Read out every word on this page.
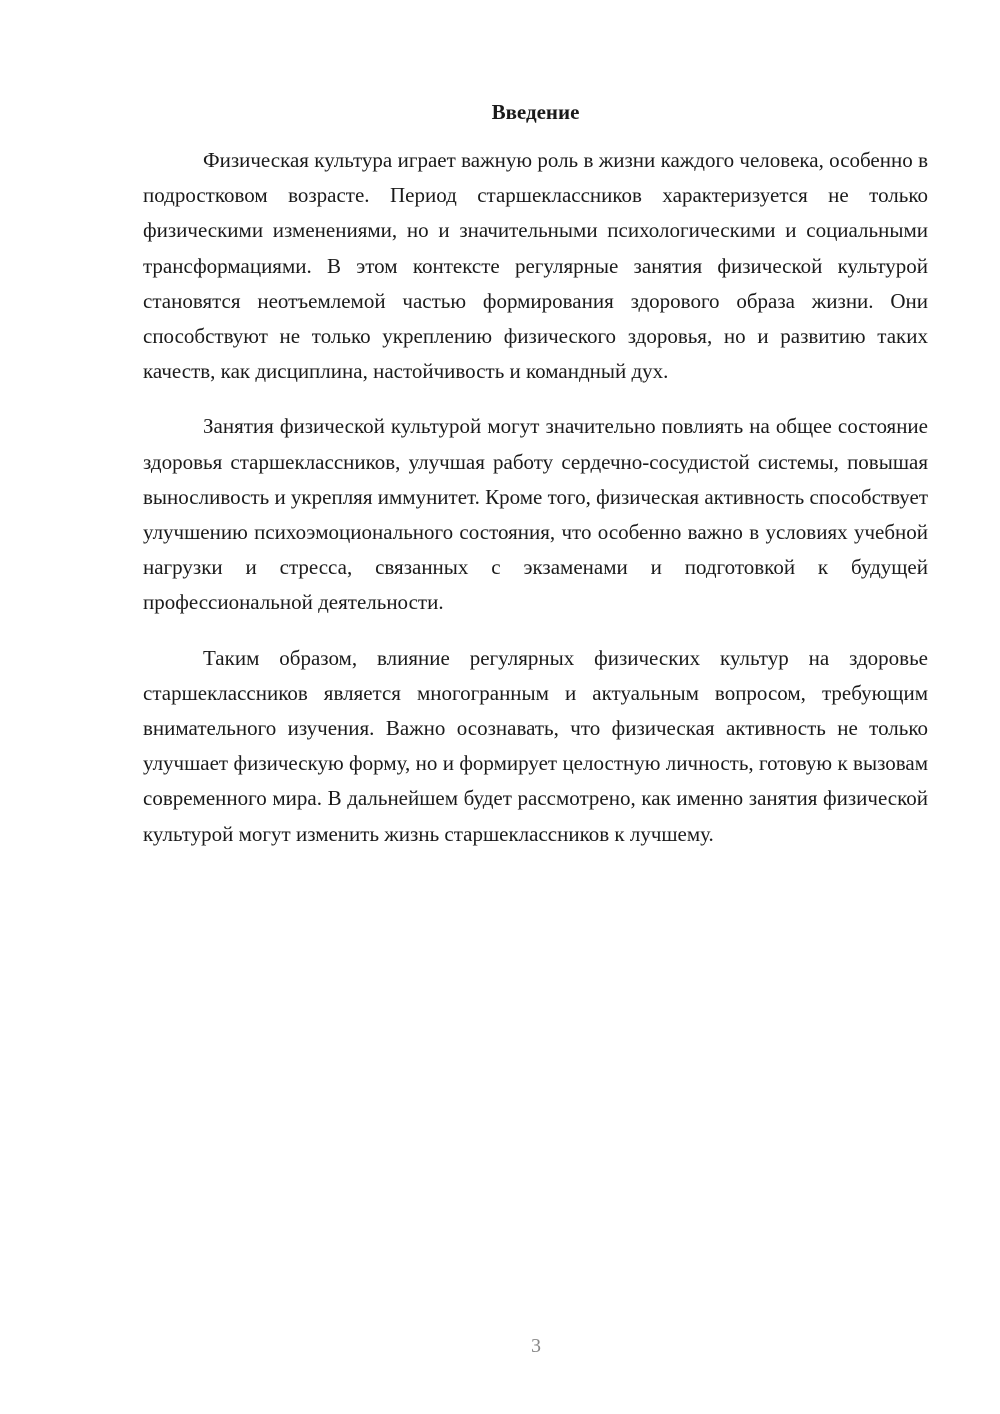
Введение

Физическая культура играет важную роль в жизни каждого человека, особенно в подростковом возрасте. Период старшеклассников характеризуется не только физическими изменениями, но и значительными психологическими и социальными трансформациями. В этом контексте регулярные занятия физической культурой становятся неотъемлемой частью формирования здорового образа жизни. Они способствуют не только укреплению физического здоровья, но и развитию таких качеств, как дисциплина, настойчивость и командный дух.

Занятия физической культурой могут значительно повлиять на общее состояние здоровья старшеклассников, улучшая работу сердечно-сосудистой системы, повышая выносливость и укрепляя иммунитет. Кроме того, физическая активность способствует улучшению психоэмоционального состояния, что особенно важно в условиях учебной нагрузки и стресса, связанных с экзаменами и подготовкой к будущей профессиональной деятельности.

Таким образом, влияние регулярных физических культур на здоровье старшеклассников является многогранным и актуальным вопросом, требующим внимательного изучения. Важно осознавать, что физическая активность не только улучшает физическую форму, но и формирует целостную личность, готовую к вызовам современного мира. В дальнейшем будет рассмотрено, как именно занятия физической культурой могут изменить жизнь старшеклассников к лучшему.

3
